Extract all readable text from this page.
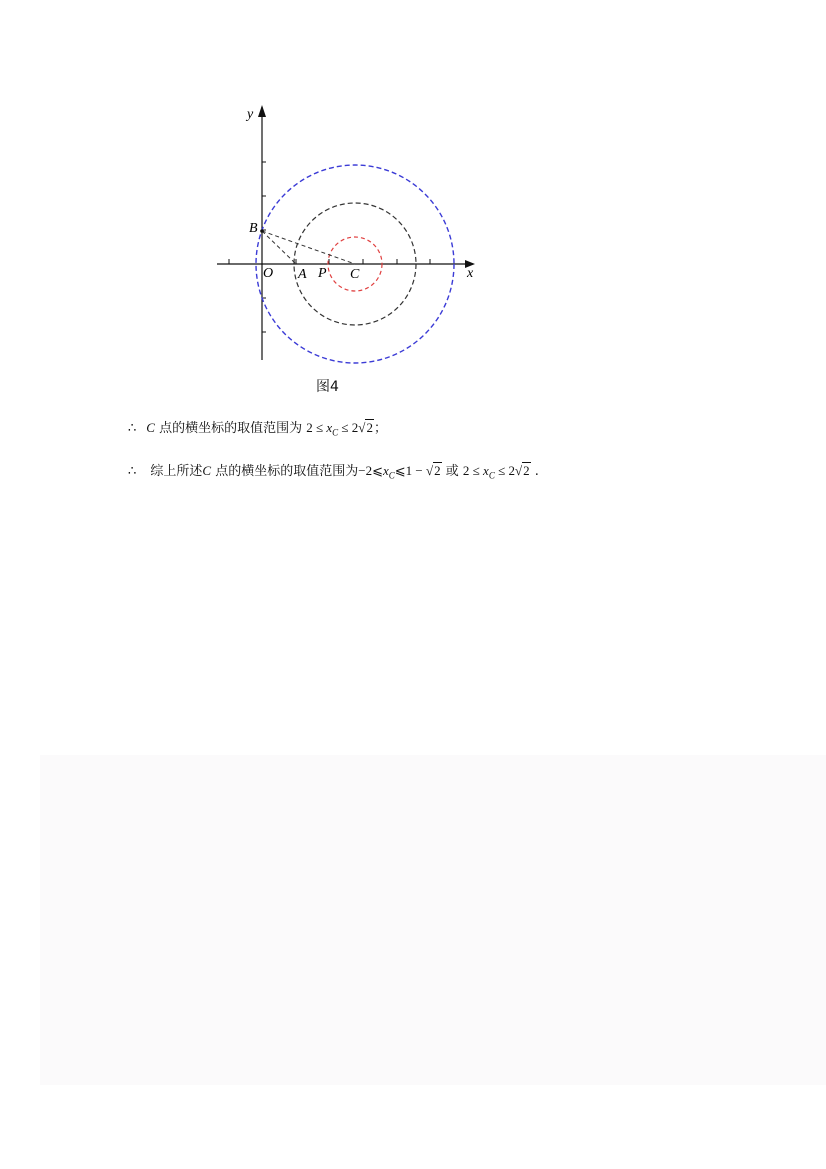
y
x
B
O A P C
图4
∴ C 点的横坐标的取值范围为 $2 \le x_C \le 2√2$；
∴ 综上所述C 点的横坐标的取值范围为$-2⩽x_C⩽1 - √2$ 或 $2 \le x_C \le 2√2$ .
